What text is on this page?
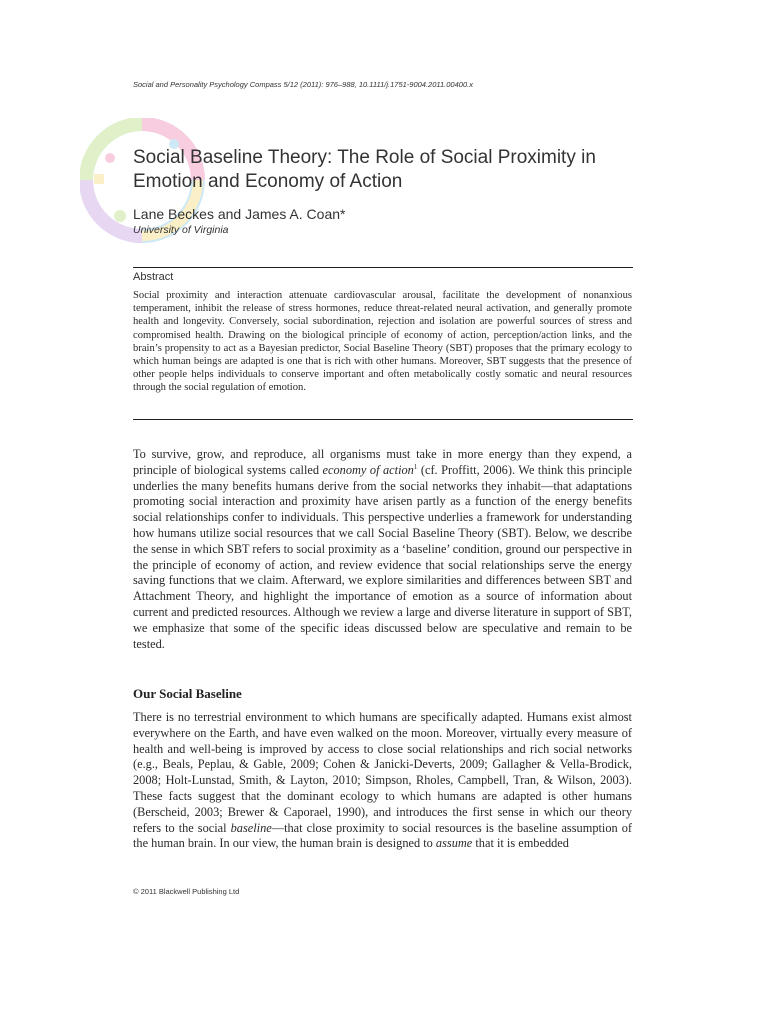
Social and Personality Psychology Compass 5/12 (2011): 976–988, 10.1111/j.1751-9004.2011.00400.x
Social Baseline Theory: The Role of Social Proximity in Emotion and Economy of Action
Lane Beckes and James A. Coan*
University of Virginia
Abstract

Social proximity and interaction attenuate cardiovascular arousal, facilitate the development of nonanxious temperament, inhibit the release of stress hormones, reduce threat-related neural activation, and generally promote health and longevity. Conversely, social subordination, rejection and isolation are powerful sources of stress and compromised health. Drawing on the biological principle of economy of action, perception/action links, and the brain’s propensity to act as a Bayesian predictor, Social Baseline Theory (SBT) proposes that the primary ecology to which human beings are adapted is one that is rich with other humans. Moreover, SBT suggests that the presence of other people helps individuals to conserve important and often metabolically costly somatic and neural resources through the social regulation of emotion.

To survive, grow, and reproduce, all organisms must take in more energy than they expend, a principle of biological systems called economy of action$^1$ (cf. Proffitt, 2006). We think this principle underlies the many benefits humans derive from the social networks they inhabit—that adaptations promoting social interaction and proximity have arisen partly as a function of the energy benefits social relationships confer to individuals. This perspective underlies a framework for understanding how humans utilize social resources that we call Social Baseline Theory (SBT). Below, we describe the sense in which SBT refers to social proximity as a ‘baseline’ condition, ground our perspective in the principle of economy of action, and review evidence that social relationships serve the energy saving functions that we claim. Afterward, we explore similarities and differences between SBT and Attachment Theory, and highlight the importance of emotion as a source of information about current and predicted resources. Although we review a large and diverse literature in support of SBT, we emphasize that some of the specific ideas discussed below are speculative and remain to be tested.

Our Social Baseline

There is no terrestrial environment to which humans are specifically adapted. Humans exist almost everywhere on the Earth, and have even walked on the moon. Moreover, virtually every measure of health and well-being is improved by access to close social relationships and rich social networks (e.g., Beals, Peplau, & Gable, 2009; Cohen & Janicki-Deverts, 2009; Gallagher & Vella-Brodick, 2008; Holt-Lunstad, Smith, & Layton, 2010; Simpson, Rholes, Campbell, Tran, & Wilson, 2003). These facts suggest that the dominant ecology to which humans are adapted is other humans (Berscheid, 2003; Brewer & Caporael, 1990), and introduces the first sense in which our theory refers to the social baseline—that close proximity to social resources is the baseline assumption of the human brain. In our view, the human brain is designed to assume that it is embedded

© 2011 Blackwell Publishing Ltd
